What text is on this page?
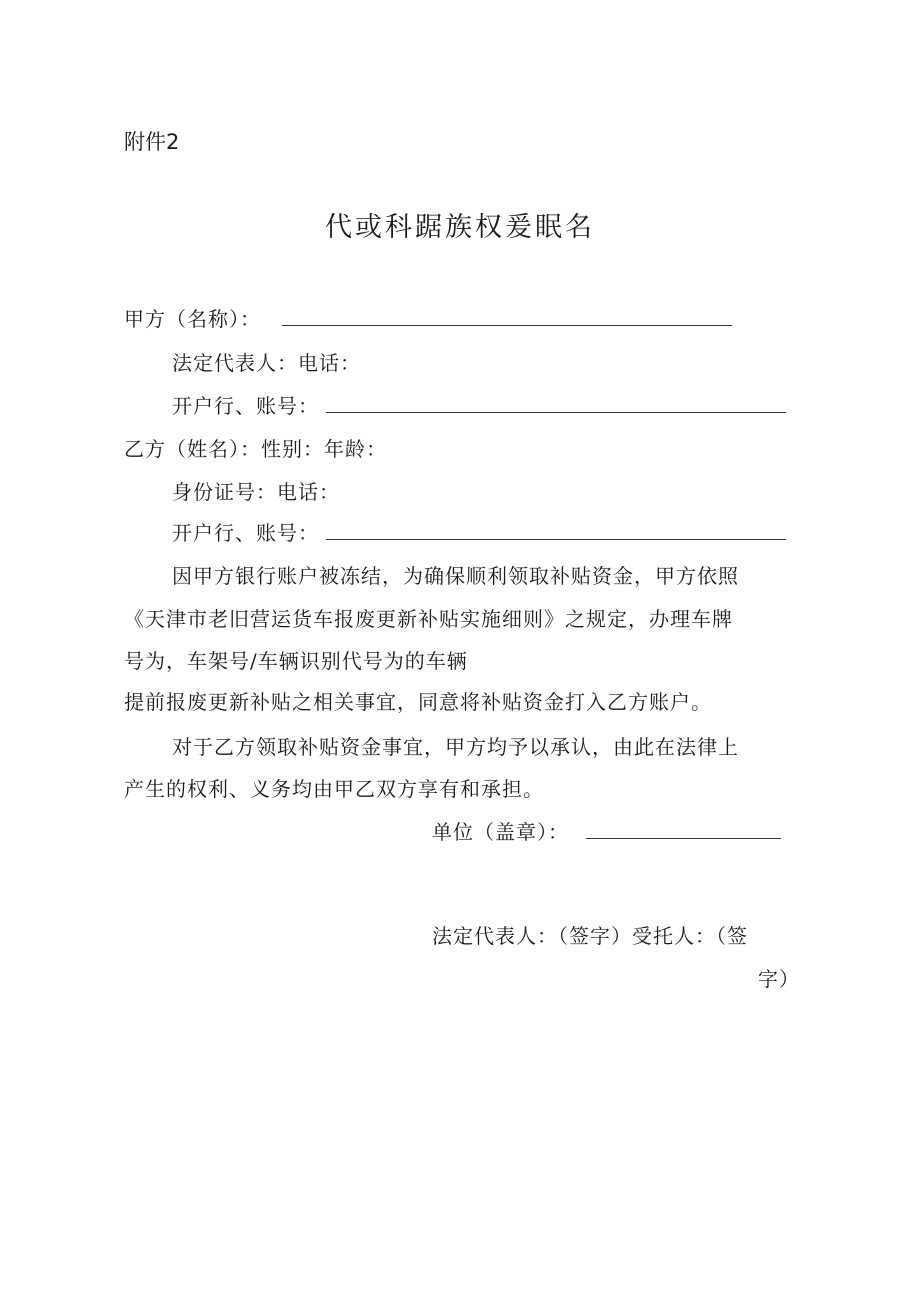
附件2
代或科踞族权爰眠名
甲方（名称）：
法定代表人：电话：
开户行、账号：
乙方（姓名）：性别：年龄：
身份证号：电话：
开户行、账号：
因甲方银行账户被冻结，为确保顺利领取补贴资金，甲方依照
《天津市老旧营运货车报废更新补贴实施细则》之规定，办理车牌
号为，车架号/车辆识别代号为的车辆
提前报废更新补贴之相关事宜，同意将补贴资金打入乙方账户。
对于乙方领取补贴资金事宜，甲方均予以承认，由此在法律上
产生的权利、义务均由甲乙双方享有和承担。
单位（盖章）：
法定代表人：（签字）受托人：（签
字）
